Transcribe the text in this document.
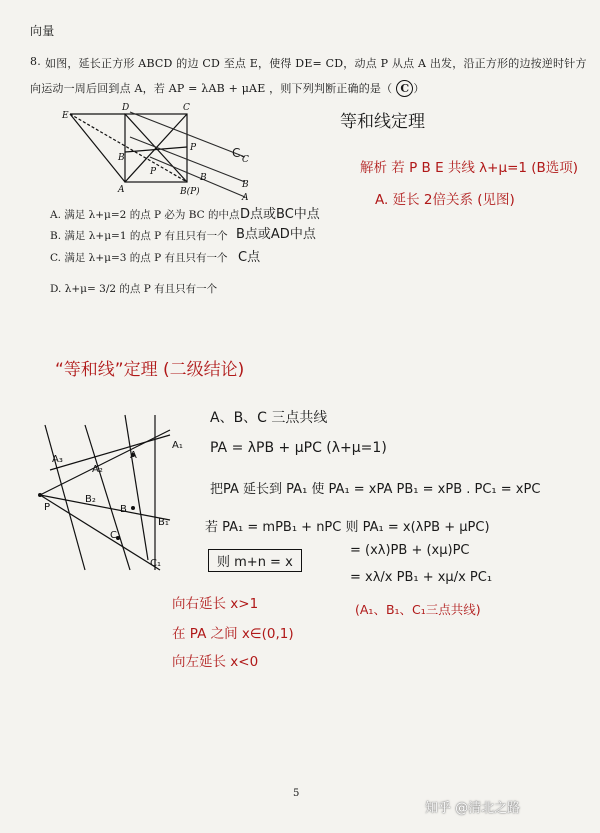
向量
8. 如图，延长正方形 ABCD 的边 CD 至点 E，使得 DE= CD，动点 P 从点 A 出发，沿正方形的边按逆时针方
向运动一周后回到点 A，若 AP = λAB + μAE ，则下列判断正确的是（ C ）
E
D	C
P
B
A	B(P)
B
P
C
B
A
C.
等和线定理
解析 若 P B E 共线 λ+μ=1 (B选项)
A. 延长 2倍关系 (见图)
A. 满足 λ+μ=2 的点 P 必为 BC 的中点
B. 满足 λ+μ=1 的点 P 有且只有一个
C. 满足 λ+μ=3 的点 P 有且只有一个
D. λ+μ= 3/2 的点 P 有且只有一个
D点或BC中点
B点或AD中点
C点
“等和线”定理 (二级结论)
A₁
A
A₂
A₃
B₂
B
B₁
C
C₁
P
A、B、C 三点共线
PA = λPB + μPC (λ+μ=1)
把PA 延长到 PA₁ 使 PA₁ = xPA PB₁ = xPB . PC₁ = xPC
若 PA₁ = mPB₁ + nPC 则 PA₁ = x(λPB + μPC)
则 m+n = x
= (xλ)PB + (xμ)PC
= xλ/x PB₁ + xμ/x PC₁
(A₁、B₁、C₁三点共线)
向右延长 x>1
在 PA 之间 x∈(0,1)
向左延长 x<0
5
知乎 @清北之路
